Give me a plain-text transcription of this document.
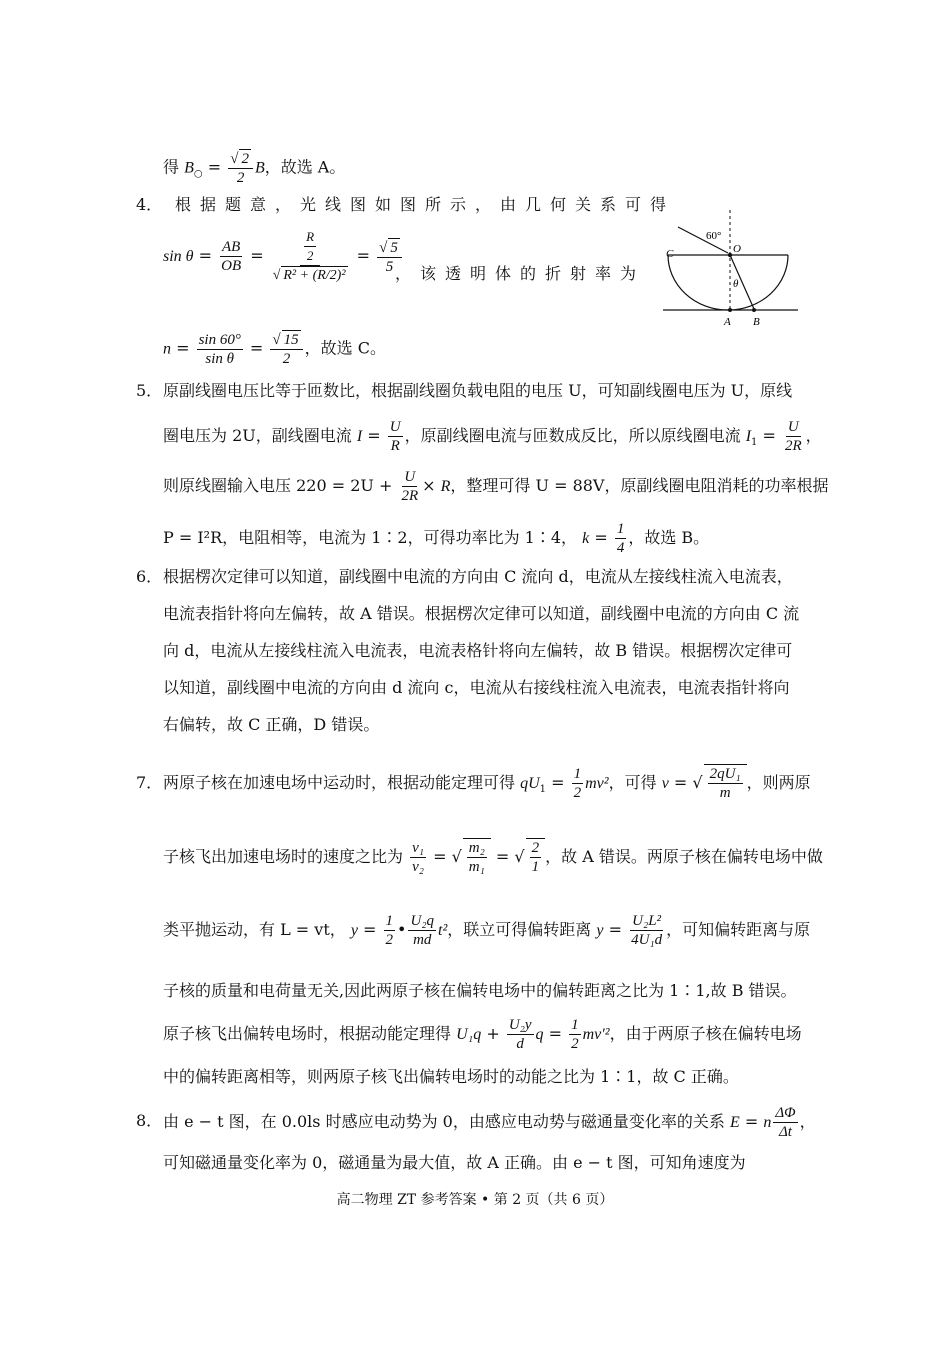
得 $B_○ = \frac{√ 2}{2}$ B，故选 A。
4． 根据题意，光线图如图所示，由几何关系可得
$\sin \theta = \frac{AB}{OB} = \frac{\frac{R}{2}}{\text{√ R² + (R/2)²}} = \frac{√ 5}{5}$
，该透明体的折射率为
$n = \frac{\sin 60^\circ}{\text{sin θ}} = \frac{√ 15}{2}$ ，故选 C。
60°
C	O
θ
A B
5． 原副线圈电压比等于匝数比，根据副线圈负载电阻的电压 U，可知副线圈电压为 U，原线
圈电压为 2U，副线圈电流 $I = \frac{U}{R}$ ，原副线圈电流与匝数成反比，所以原线圈电流 $I_1 = \frac{U}{2R}$ ，
则原线圈输入电压 $220 = 2U + \frac{U}{2R} \times R$，整理可得 U = 88V，原副线圈电阻消耗的功率根据
P = I²R，电阻相等，电流为 1∶2，可得功率比为 1∶4， $k = \frac{1}{4}$ ，故选 B。
6． 根据楞次定律可以知道，副线圈中电流的方向由 C 流向 d，电流从左接线柱流入电流表，
电流表指针将向左偏转，故 A 错误。根据楞次定律可以知道，副线圈中电流的方向由 C 流
向 d，电流从左接线柱流入电流表，电流表格针将向左偏转，故 B 错误。根据楞次定律可
以知道，副线圈中电流的方向由 d 流向 c，电流从右接线柱流入电流表，电流表指针将向
右偏转，故 C 正确，D 错误。
7． 两原子核在加速电场中运动时，根据动能定理可得 $qU_1 = \frac{1}{2} mv^2$，可得 v = √ $\frac{\text{2qU₁}}{m}$ ，则两原
子核飞出加速电场时的速度之比为 $\frac{\text{v₁}}{\text{v₂}}$ = √ $\frac{\text{m₂}}{\text{m₁}}$ = √ $\frac{2}{1}$ ，故 A 错误。两原子核在偏转电场中做
类平抛运动，有 L = vt， $y = \frac{1}{2}$ • $\frac{\text{U₂q}}{md} t^2$，联立可得偏转距离 $y = \frac{\text{U₂L²}}{\text{4U₁d}}$ ，可知偏转距离与原
子核的质量和电荷量无关,因此两原子核在偏转电场中的偏转距离之比为 1∶1,故 B 错误。
原子核飞出偏转电场时，根据动能定理得 $U_1q + \frac{\text{U₂y}}{d}$ $q = \frac{1}{2} mv'^2$，由于两原子核在偏转电场
中的偏转距离相等，则两原子核飞出偏转电场时的动能之比为 1∶1，故 C 正确。
8． 由 e − t 图，在 0.0ls 时感应电动势为 0，由感应电动势与磁通量变化率的关系 E = n $\frac{\Delta\Phi}{\Delta t}$ ，
可知磁通量变化率为 0，磁通量为最大值，故 A 正确。由 e − t 图，可知角速度为
高二物理 ZT 参考答案 • 第 2 页（共 6 页）
